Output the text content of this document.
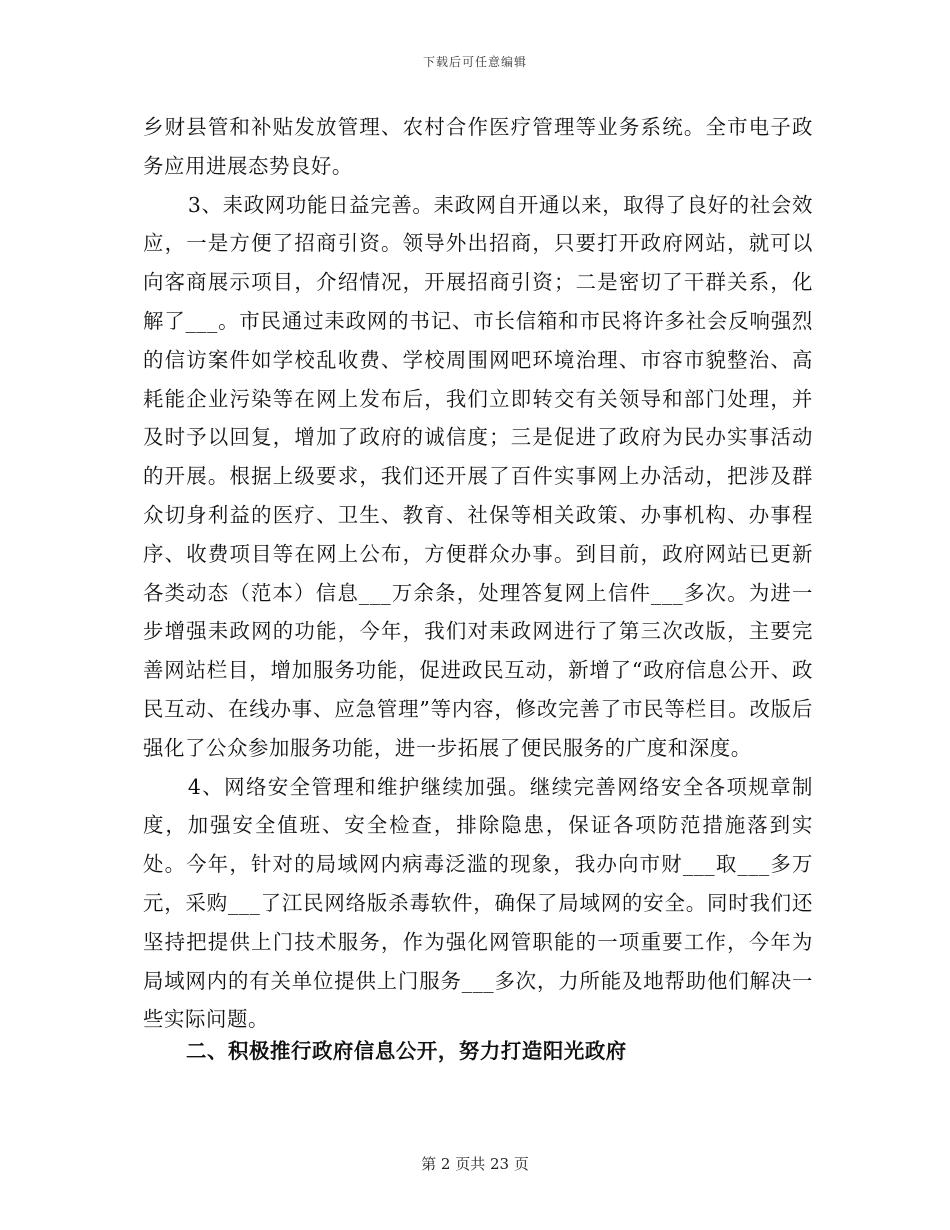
下载后可任意编辑

乡财县管和补贴发放管理、农村合作医疗管理等业务系统。全市电子政务应用进展态势良好。

3、耒政网功能日益完善。耒政网自开通以来，取得了良好的社会效应，一是方便了招商引资。领导外出招商，只要打开政府网站，就可以向客商展示项目，介绍情况，开展招商引资；二是密切了干群关系，化解了___。市民通过耒政网的书记、市长信箱和市民将许多社会反响强烈的信访案件如学校乱收费、学校周围网吧环境治理、市容市貌整治、高耗能企业污染等在网上发布后，我们立即转交有关领导和部门处理，并及时予以回复，增加了政府的诚信度；三是促进了政府为民办实事活动的开展。根据上级要求，我们还开展了百件实事网上办活动，把涉及群众切身利益的医疗、卫生、教育、社保等相关政策、办事机构、办事程序、收费项目等在网上公布，方便群众办事。到目前，政府网站已更新各类动态（范本）信息___万余条，处理答复网上信件___多次。为进一步增强耒政网的功能，今年，我们对耒政网进行了第三次改版，主要完善网站栏目，增加服务功能，促进政民互动，新增了“政府信息公开、政民互动、在线办事、应急管理”等内容，修改完善了市民等栏目。改版后强化了公众参加服务功能，进一步拓展了便民服务的广度和深度。

4、网络安全管理和维护继续加强。继续完善网络安全各项规章制度，加强安全值班、安全检查，排除隐患，保证各项防范措施落到实处。今年，针对的局域网内病毒泛滥的现象，我办向市财___取___多万元，采购___了江民网络版杀毒软件，确保了局域网的安全。同时我们还坚持把提供上门技术服务，作为强化网管职能的一项重要工作，今年为局域网内的有关单位提供上门服务___多次，力所能及地帮助他们解决一些实际问题。

二、积极推行政府信息公开，努力打造阳光政府
第 2 页共 23 页
